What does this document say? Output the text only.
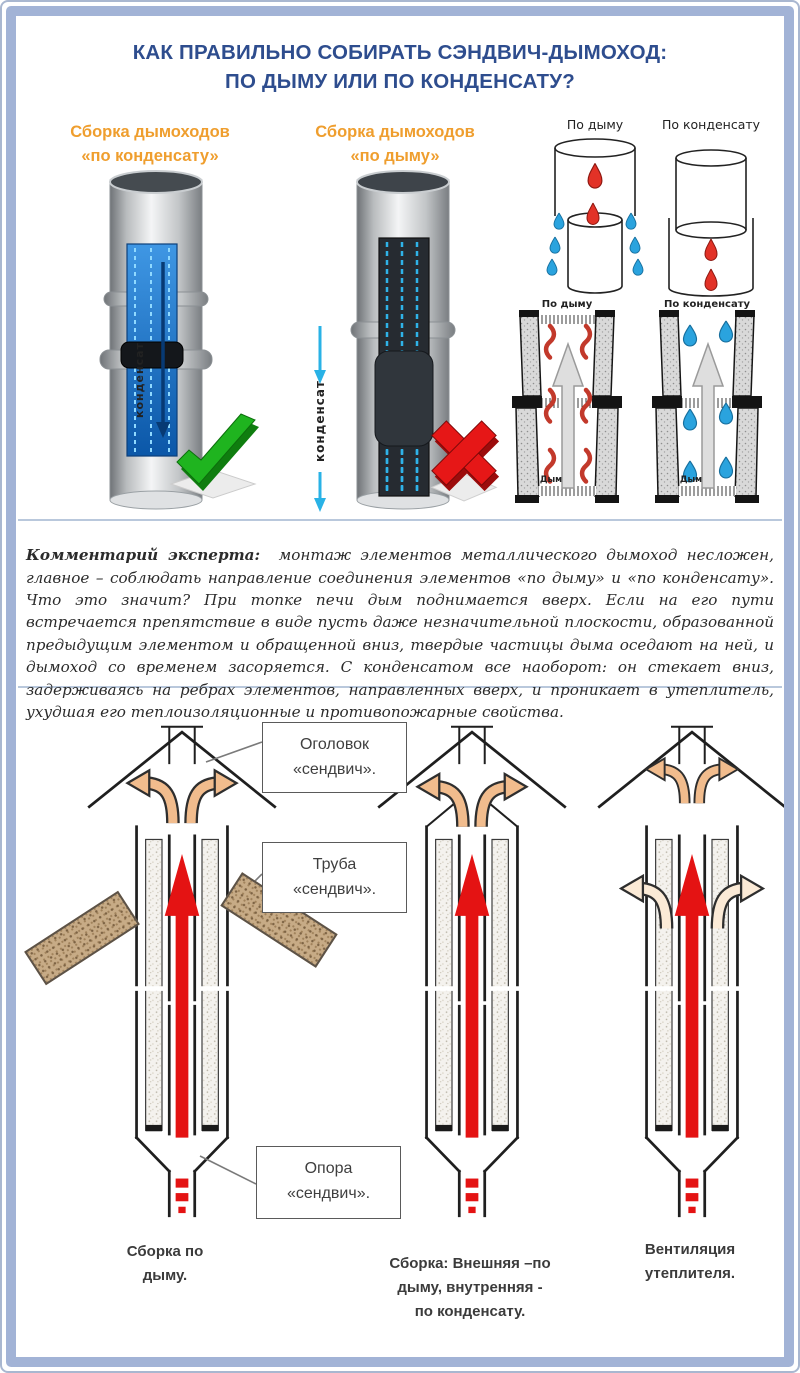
КАК ПРАВИЛЬНО СОБИРАТЬ СЭНДВИЧ-ДЫМОХОД:
ПО ДЫМУ ИЛИ ПО КОНДЕНСАТУ?
Сборка дымоходов
«по конденсату»
Сборка дымоходов
«по дыму»
конденсат	конденсат
По дыму	По конденсату
По дыму
Дым
По конденсату
Дым

Комментарий эксперта: монтаж элементов металлического дымоход несложен, главное – соблюдать направление соединения элементов «по дыму» и «по конденсату». Что это значит? При топке печи дым поднимается вверх. Если на его пути встречается препятствие в виде пусть даже незначительной плоскости, образованной предыдущим элементом и обращенной вниз, твердые частицы дыма оседают на ней, и дымоход со временем засоряется. С конденсатом все наоборот: он стекает вниз, задерживаясь на ребрах элементов, направленных вверх, и проникает в утеплитель, ухудшая его теплоизоляционные и противопожарные свойства.

Оголовок
«сендвич».
Труба
«сендвич».
Опора
«сендвич».
Сборка по
дыму.
Сборка: Внешняя –по
дыму, внутренняя -
по конденсату.
Вентиляция
утеплителя.
